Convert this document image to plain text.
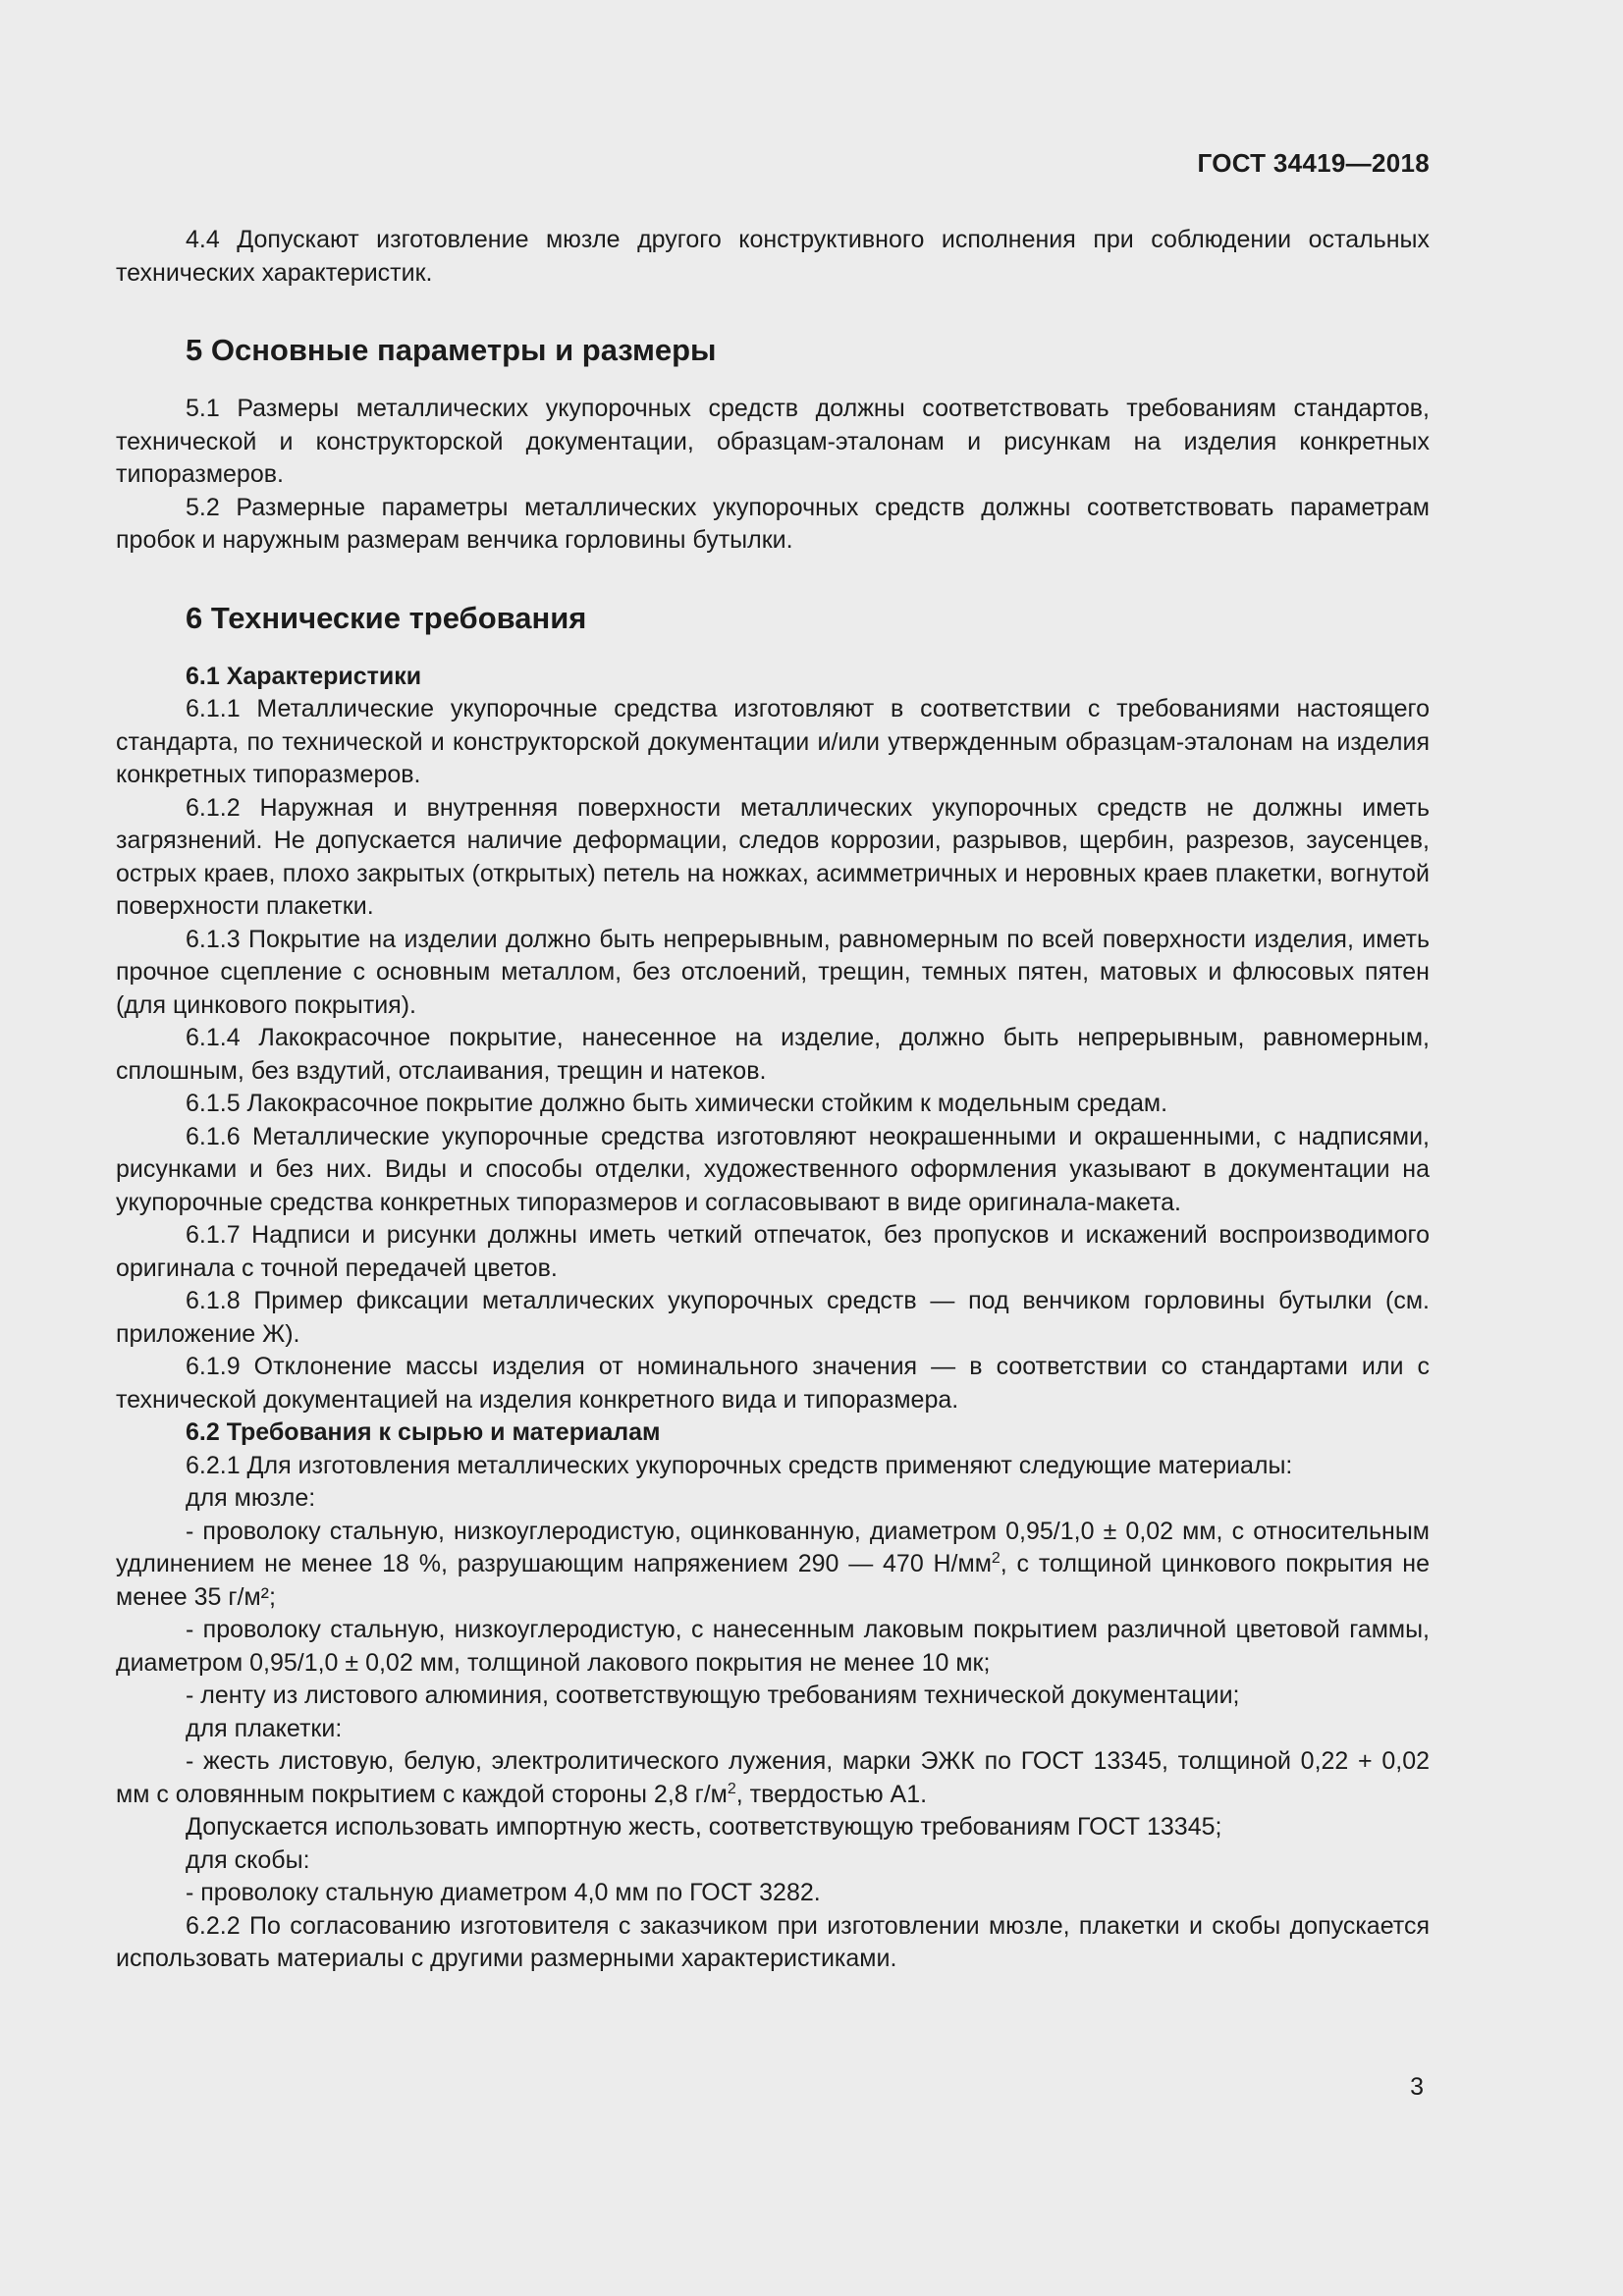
ГОСТ 34419—2018

4.4 Допускают изготовление мюзле другого конструктивного исполнения при соблюдении остальных технических характеристик.

5 Основные параметры и размеры

5.1 Размеры металлических укупорочных средств должны соответствовать требованиям стандартов, технической и конструкторской документации, образцам-эталонам и рисункам на изделия конкретных типоразмеров.

5.2 Размерные параметры металлических укупорочных средств должны соответствовать параметрам пробок и наружным размерам венчика горловины бутылки.

6 Технические требования
6.1 Характеристики

6.1.1 Металлические укупорочные средства изготовляют в соответствии с требованиями настоящего стандарта, по технической и конструкторской документации и/или утвержденным образцам-эталонам на изделия конкретных типоразмеров.

6.1.2 Наружная и внутренняя поверхности металлических укупорочных средств не должны иметь загрязнений. Не допускается наличие деформации, следов коррозии, разрывов, щербин, разрезов, заусенцев, острых краев, плохо закрытых (открытых) петель на ножках, асимметричных и неровных краев плакетки, вогнутой поверхности плакетки.

6.1.3 Покрытие на изделии должно быть непрерывным, равномерным по всей поверхности изделия, иметь прочное сцепление с основным металлом, без отслоений, трещин, темных пятен, матовых и флюсовых пятен (для цинкового покрытия).

6.1.4 Лакокрасочное покрытие, нанесенное на изделие, должно быть непрерывным, равномерным, сплошным, без вздутий, отслаивания, трещин и натеков.

6.1.5 Лакокрасочное покрытие должно быть химически стойким к модельным средам.

6.1.6 Металлические укупорочные средства изготовляют неокрашенными и окрашенными, с надписями, рисунками и без них. Виды и способы отделки, художественного оформления указывают в документации на укупорочные средства конкретных типоразмеров и согласовывают в виде оригинала-макета.

6.1.7 Надписи и рисунки должны иметь четкий отпечаток, без пропусков и искажений воспроизводимого оригинала с точной передачей цветов.

6.1.8 Пример фиксации металлических укупорочных средств — под венчиком горловины бутылки (см. приложение Ж).

6.1.9 Отклонение массы изделия от номинального значения — в соответствии со стандартами или с технической документацией на изделия конкретного вида и типоразмера.

6.2 Требования к сырью и материалам

6.2.1 Для изготовления металлических укупорочных средств применяют следующие материалы:

для мюзле:

- проволоку стальную, низкоуглеродистую, оцинкованную, диаметром 0,95/1,0 ± 0,02 мм, с относительным удлинением не менее 18 %, разрушающим напряжением 290 — 470 $Н/мм^2$, с толщиной цинкового покрытия не менее 35 г/м²;

- проволоку стальную, низкоуглеродистую, с нанесенным лаковым покрытием различной цветовой гаммы, диаметром 0,95/1,0 ± 0,02 мм, толщиной лакового покрытия не менее 10 мк;

- ленту из листового алюминия, соответствующую требованиям технической документации;

для плакетки:

- жесть листовую, белую, электролитического лужения, марки ЭЖК по ГОСТ 13345, толщиной 0,22 + 0,02 мм с оловянным покрытием с каждой стороны 2,8 $г/м^2$, твердостью А1.

Допускается использовать импортную жесть, соответствующую требованиям ГОСТ 13345;

для скобы:

- проволоку стальную диаметром 4,0 мм по ГОСТ 3282.

6.2.2 По согласованию изготовителя с заказчиком при изготовлении мюзле, плакетки и скобы допускается использовать материалы с другими размерными характеристиками.

3
